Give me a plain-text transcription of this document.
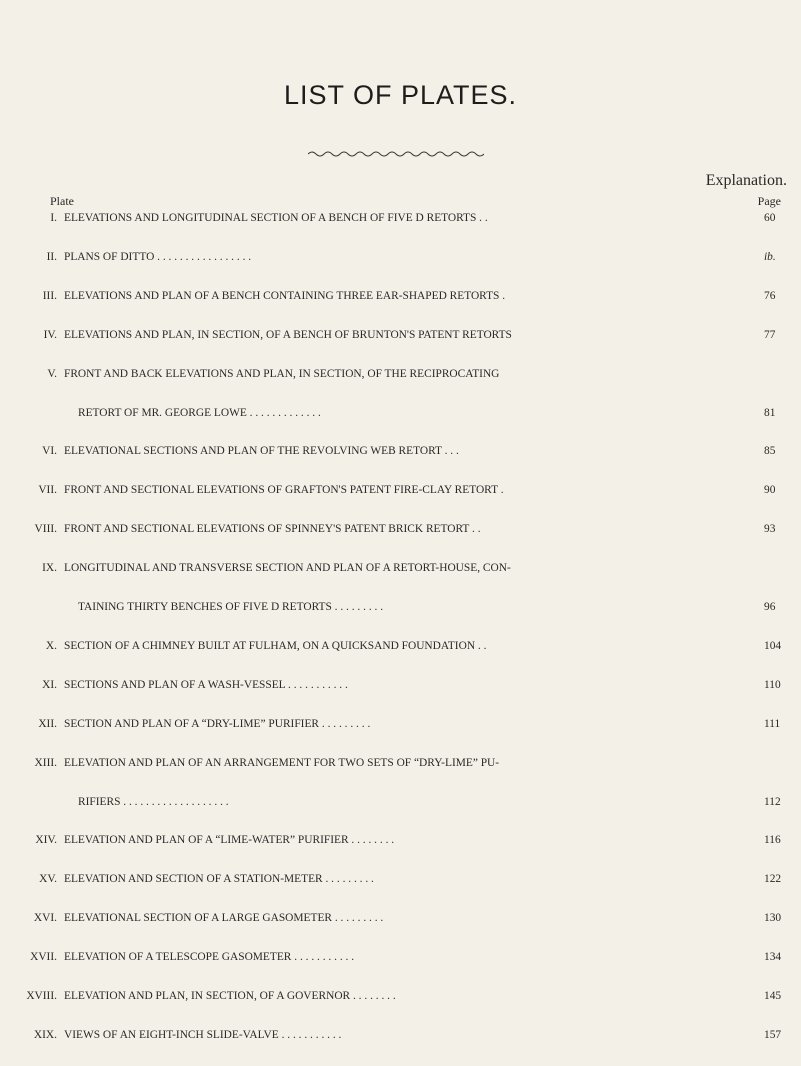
LIST OF PLATES.
Explanation.
Plate	Page
I. ELEVATIONS AND LONGITUDINAL SECTION OF A BENCH OF FIVE D RETORTS . .	60
II. PLANS OF DITTO . . . . . . . . . . . . . . . . .	ib.
III. ELEVATIONS AND PLAN OF A BENCH CONTAINING THREE EAR-SHAPED RETORTS .	76
IV. ELEVATIONS AND PLAN, IN SECTION, OF A BENCH OF BRUNTON'S PATENT RETORTS	77
V. FRONT AND BACK ELEVATIONS AND PLAN, IN SECTION, OF THE RECIPROCATING
RETORT OF MR. GEORGE LOWE . . . . . . . . . . . . .	81
VI. ELEVATIONAL SECTIONS AND PLAN OF THE REVOLVING WEB RETORT . . .	85
VII. FRONT AND SECTIONAL ELEVATIONS OF GRAFTON'S PATENT FIRE-CLAY RETORT .	90
VIII. FRONT AND SECTIONAL ELEVATIONS OF SPINNEY'S PATENT BRICK RETORT . .	93
IX. LONGITUDINAL AND TRANSVERSE SECTION AND PLAN OF A RETORT-HOUSE, CON-
TAINING THIRTY BENCHES OF FIVE D RETORTS . . . . . . . . .	96
X. SECTION OF A CHIMNEY BUILT AT FULHAM, ON A QUICKSAND FOUNDATION . .	104
XI. SECTIONS AND PLAN OF A WASH-VESSEL . . . . . . . . . . .	110
XII. SECTION AND PLAN OF A “DRY-LIME” PURIFIER . . . . . . . . .	111
XIII. ELEVATION AND PLAN OF AN ARRANGEMENT FOR TWO SETS OF “DRY-LIME” PU-
RIFIERS . . . . . . . . . . . . . . . . . . .	112
XIV. ELEVATION AND PLAN OF A “LIME-WATER” PURIFIER . . . . . . . .	116
XV. ELEVATION AND SECTION OF A STATION-METER . . . . . . . . .	122
XVI. ELEVATIONAL SECTION OF A LARGE GASOMETER . . . . . . . . .	130
XVII. ELEVATION OF A TELESCOPE GASOMETER . . . . . . . . . . .	134
XVIII. ELEVATION AND PLAN, IN SECTION, OF A GOVERNOR . . . . . . . .	145
XIX. VIEWS OF AN EIGHT-INCH SLIDE-VALVE . . . . . . . . . . .	157
